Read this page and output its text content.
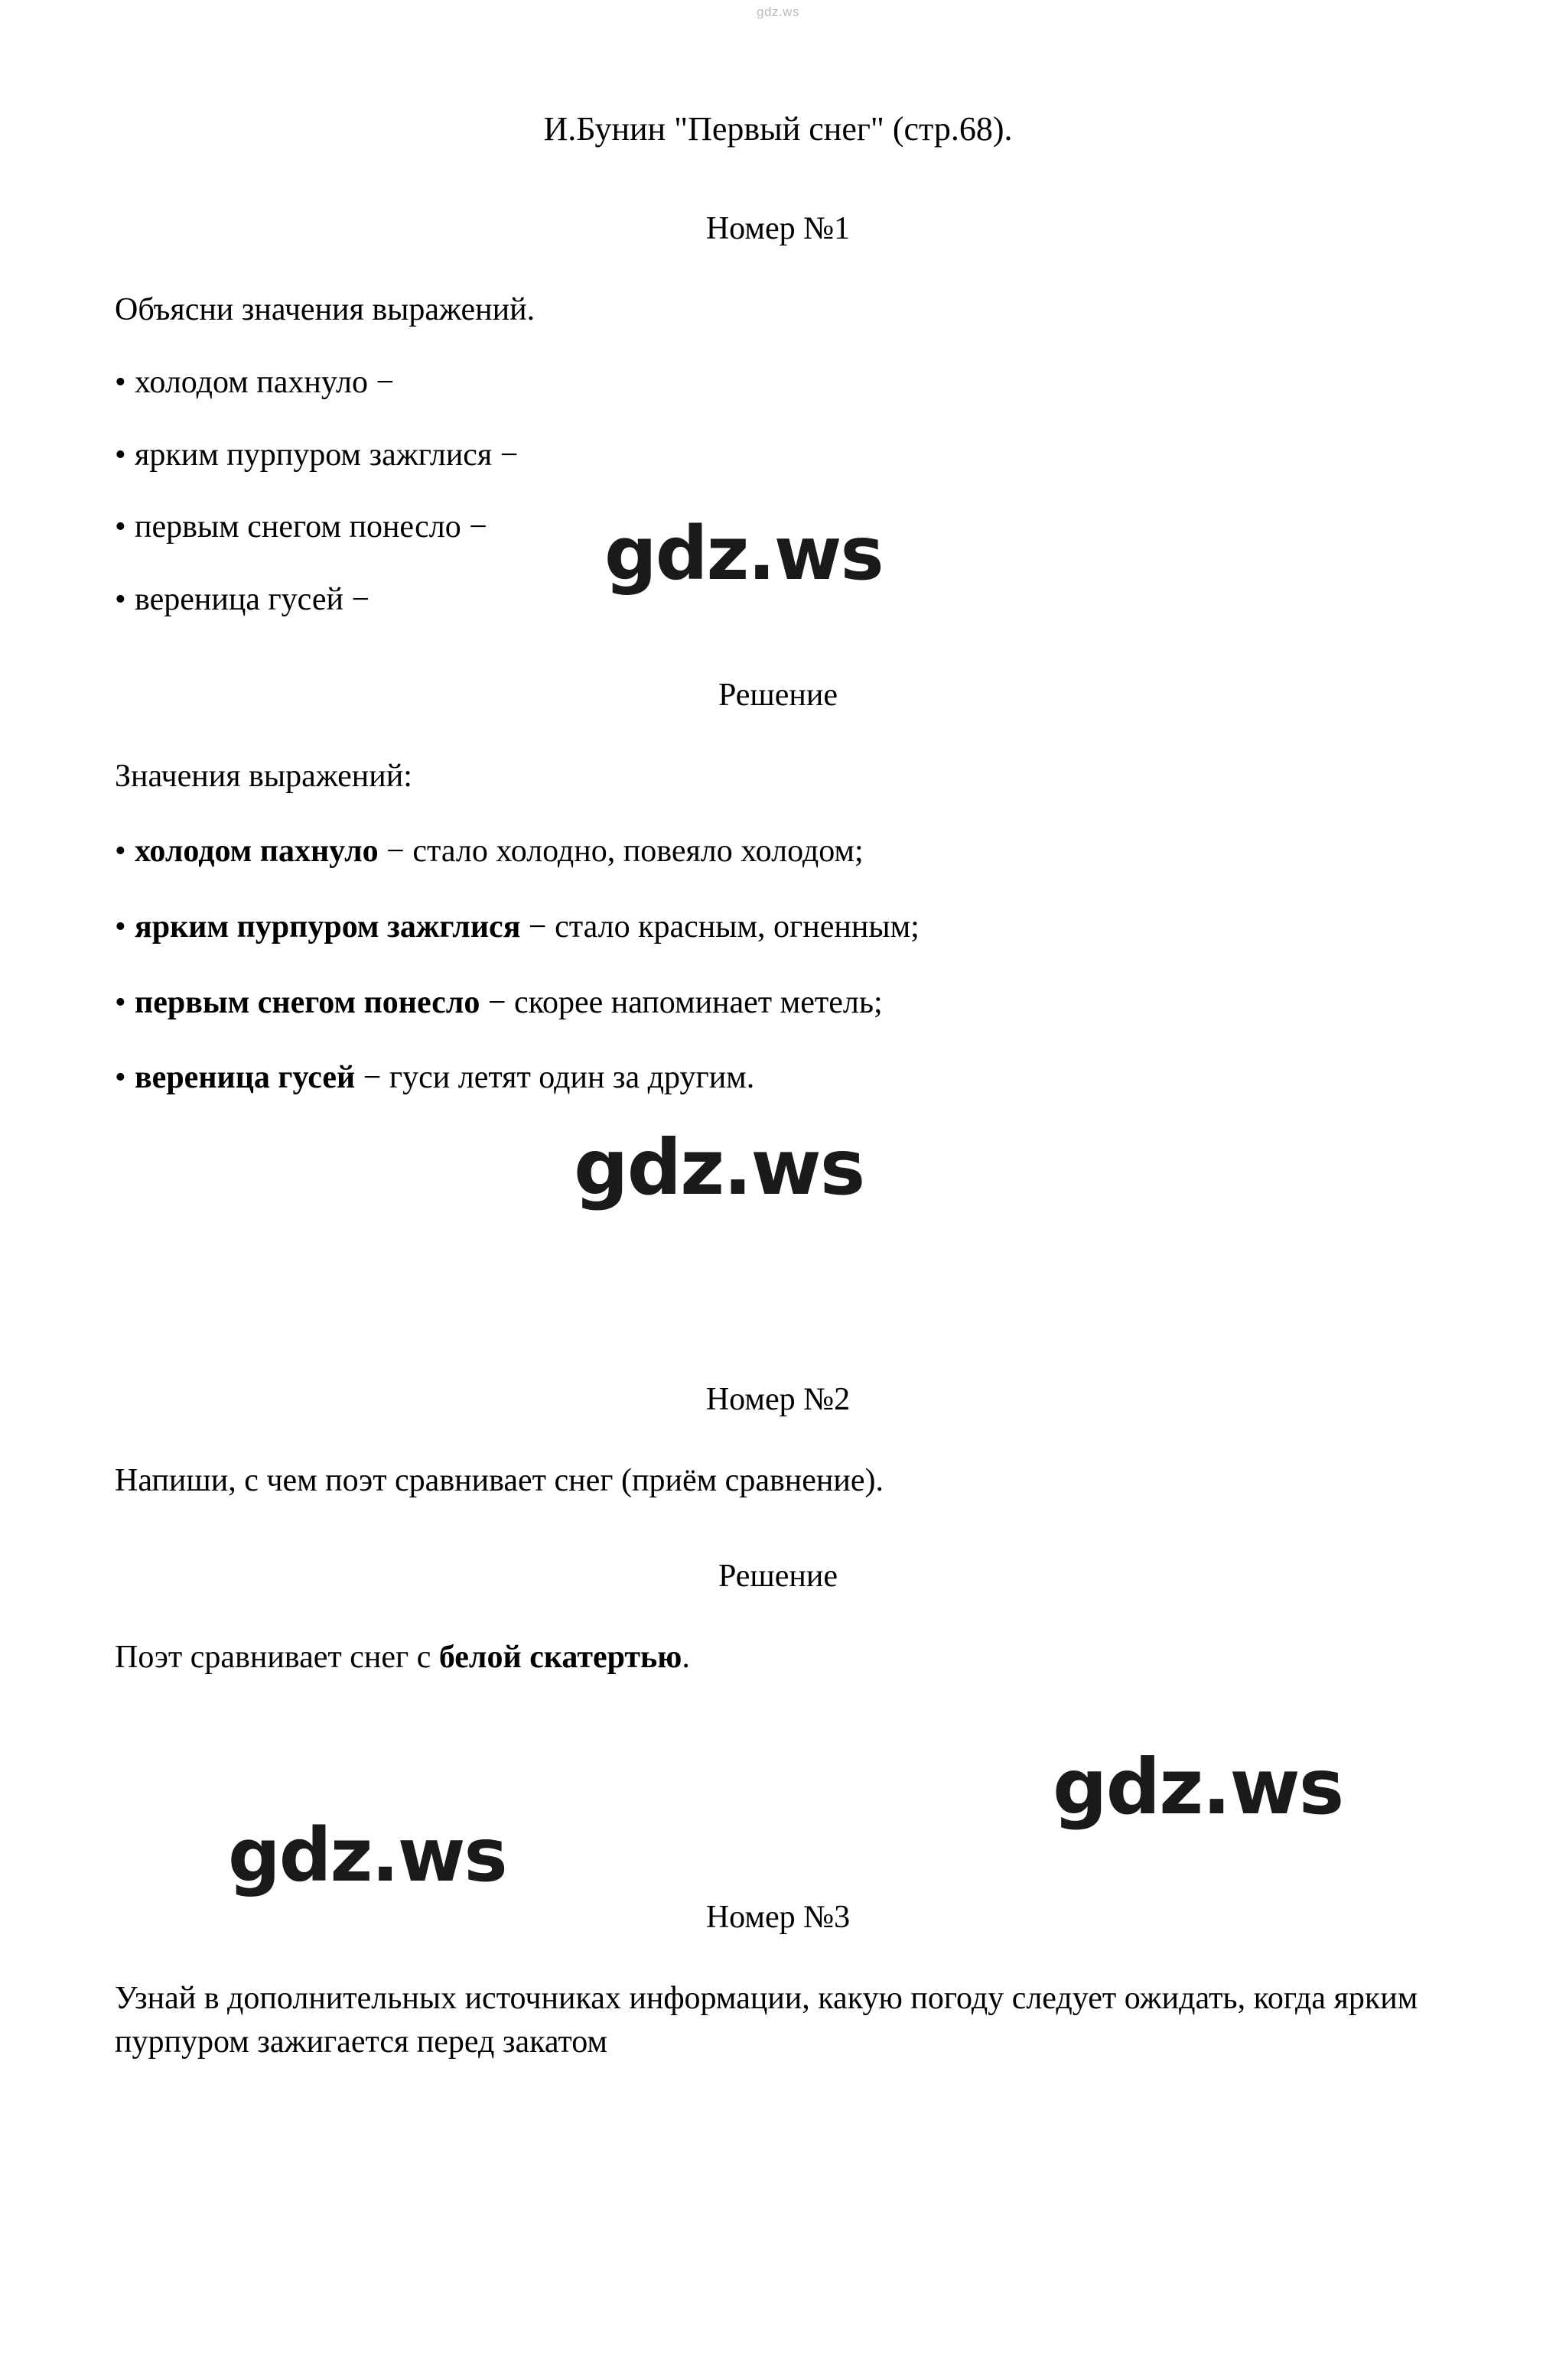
gdz.ws
И.Бунин "Первый снег" (стр.68).
Номер №1
Объясни значения выражений.
• холодом пахнуло −
• ярким пурпуром зажглися −
• первым снегом понесло −
• вереница гусей −
Решение
Значения выражений:
• холодом пахнуло − стало холодно, повеяло холодом;
• ярким пурпуром зажглися − стало красным, огненным;
• первым снегом понесло − скорее напоминает метель;
• вереница гусей − гуси летят один за другим.
Номер №2
Напиши, с чем поэт сравнивает снег (приём сравнение).
Решение
Поэт сравнивает снег с белой скатертью.
Номер №3
Узнай в дополнительных источниках информации, какую погоду следует ожидать, когда ярким пурпуром зажигается перед закатом
gdz.ws
gdz.ws
gdz.ws
gdz.ws
